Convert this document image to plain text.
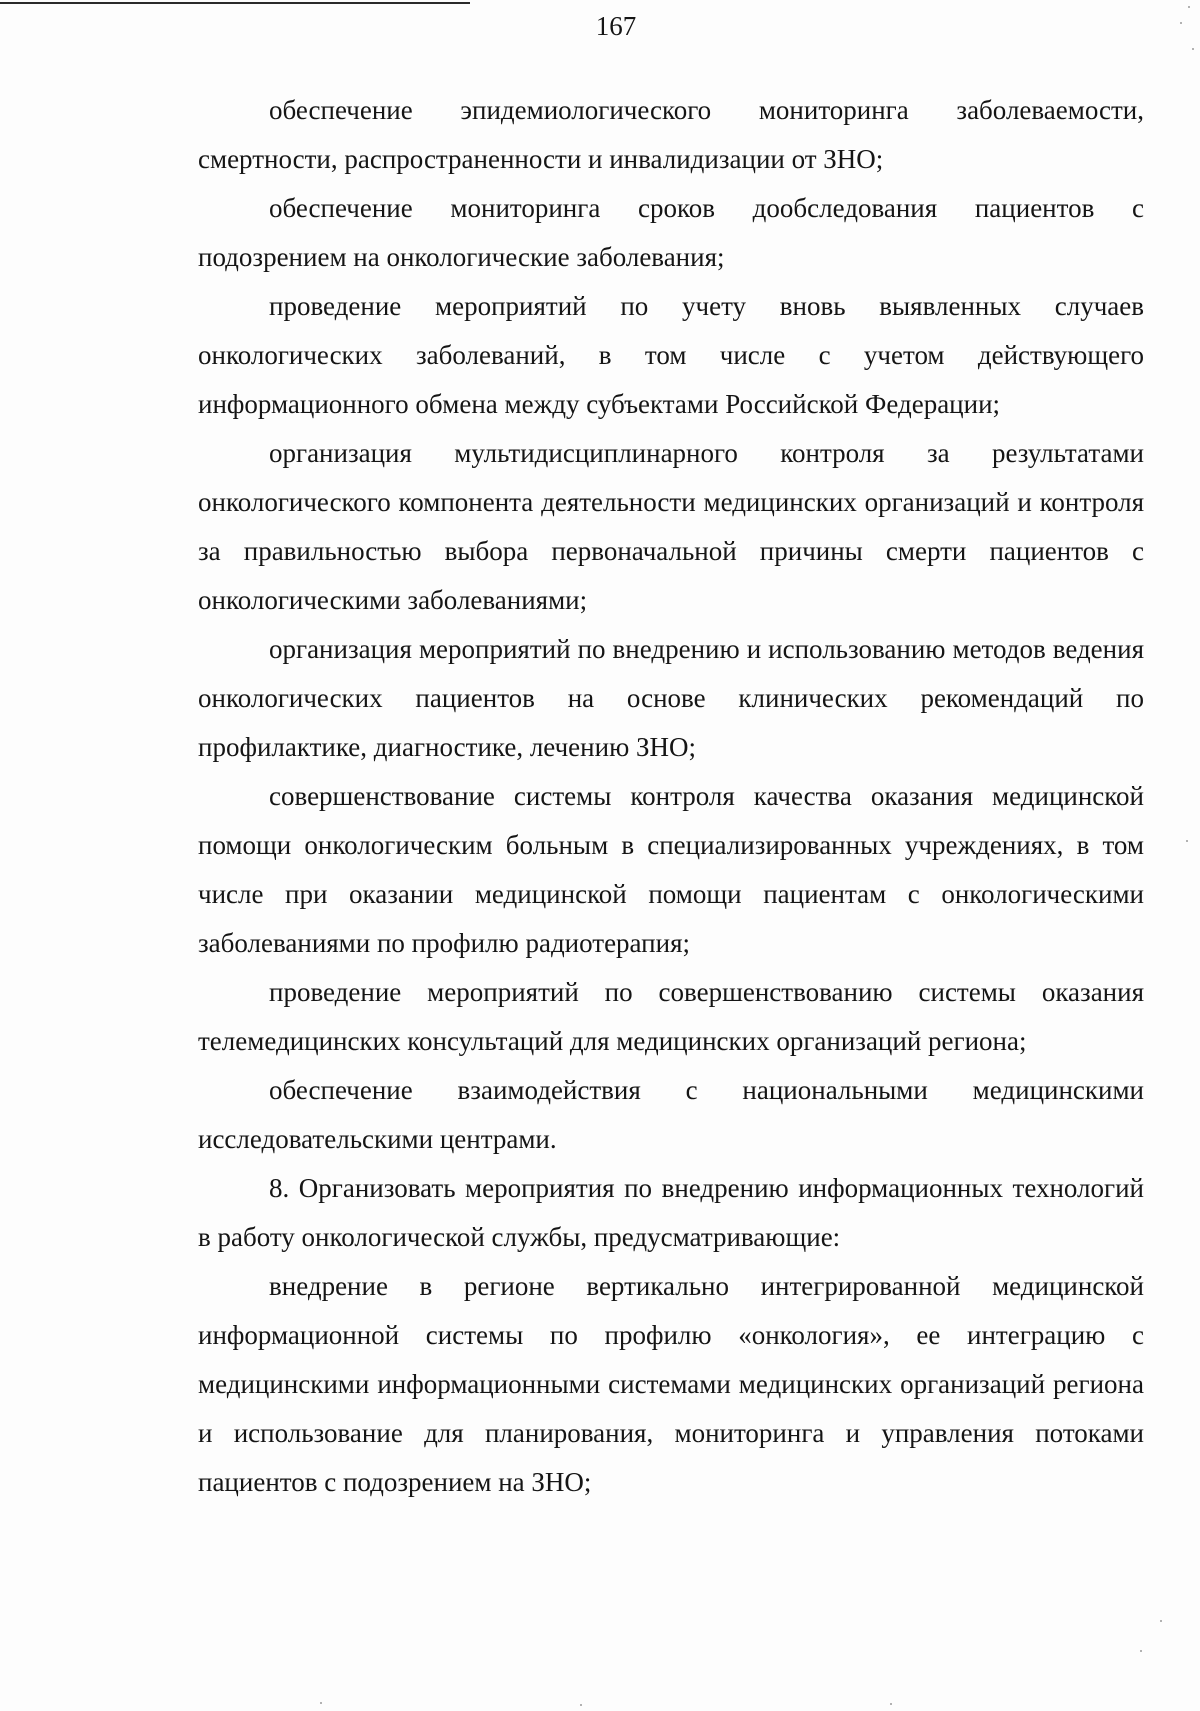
167

обеспечение эпидемиологического мониторинга заболеваемости, смертности, распространенности и инвалидизации от ЗНО;

обеспечение мониторинга сроков дообследования пациентов с подозрением на онкологические заболевания;

проведение мероприятий по учету вновь выявленных случаев онкологических заболеваний, в том числе с учетом действующего информационного обмена между субъектами Российской Федерации;

организация мультидисциплинарного контроля за результатами онкологического компонента деятельности медицинских организаций и контроля за правильностью выбора первоначальной причины смерти пациентов с онкологическими заболеваниями;

организация мероприятий по внедрению и использованию методов ведения онкологических пациентов на основе клинических рекомендаций по профилактике, диагностике, лечению ЗНО;

совершенствование системы контроля качества оказания медицинской помощи онкологическим больным в специализированных учреждениях, в том числе при оказании медицинской помощи пациентам с онкологическими заболеваниями по профилю радиотерапия;

проведение мероприятий по совершенствованию системы оказания телемедицинских консультаций для медицинских организаций региона;

обеспечение взаимодействия с национальными медицинскими исследовательскими центрами.

8. Организовать мероприятия по внедрению информационных технологий в работу онкологической службы, предусматривающие:

внедрение в регионе вертикально интегрированной медицинской информационной системы по профилю «онкология», ее интеграцию с медицинскими информационными системами медицинских организаций региона и использование для планирования, мониторинга и управления потоками пациентов с подозрением на ЗНО;
